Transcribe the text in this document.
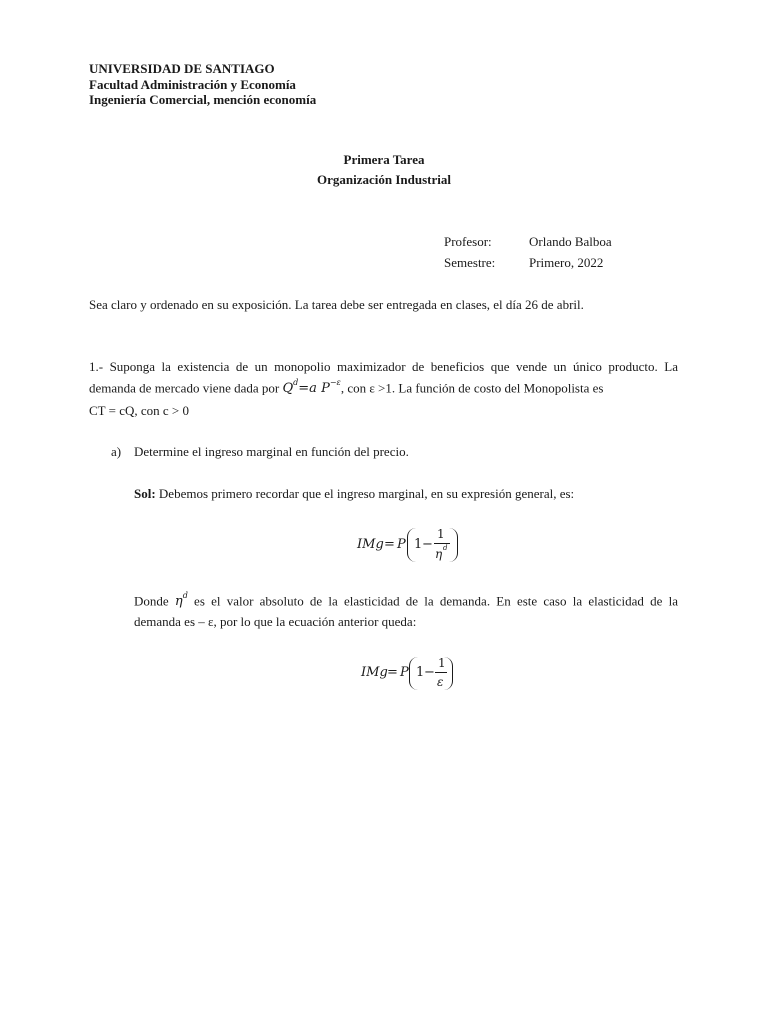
UNIVERSIDAD DE SANTIAGO
Facultad Administración y Economía
Ingeniería Comercial, mención economía
Primera Tarea
Organización Industrial
Profesor:	Orlando Balboa
Semestre:	Primero, 2022
Sea claro y ordenado en su exposición. La tarea debe ser entregada en clases, el día 26 de abril.
1.- Suponga la existencia de un monopolio maximizador de beneficios que vende un único producto. La
demanda de mercado viene dada por $Q^d=a$ $P^{-\varepsilon}$, con ε >1. La función de costo del Monopolista es
CT = cQ, con c > 0
a) Determine el ingreso marginal en función del precio.
Sol: Debemos primero recordar que el ingreso marginal, en su expresión general, es:
IMg = P 1 −
1
η d
Donde $\eta^d$ es el valor absoluto de la elasticidad de la demanda. En este caso la elasticidad de la
demanda es – ε, por lo que la ecuación anterior queda:
IMg = P 1 −
1
ε
